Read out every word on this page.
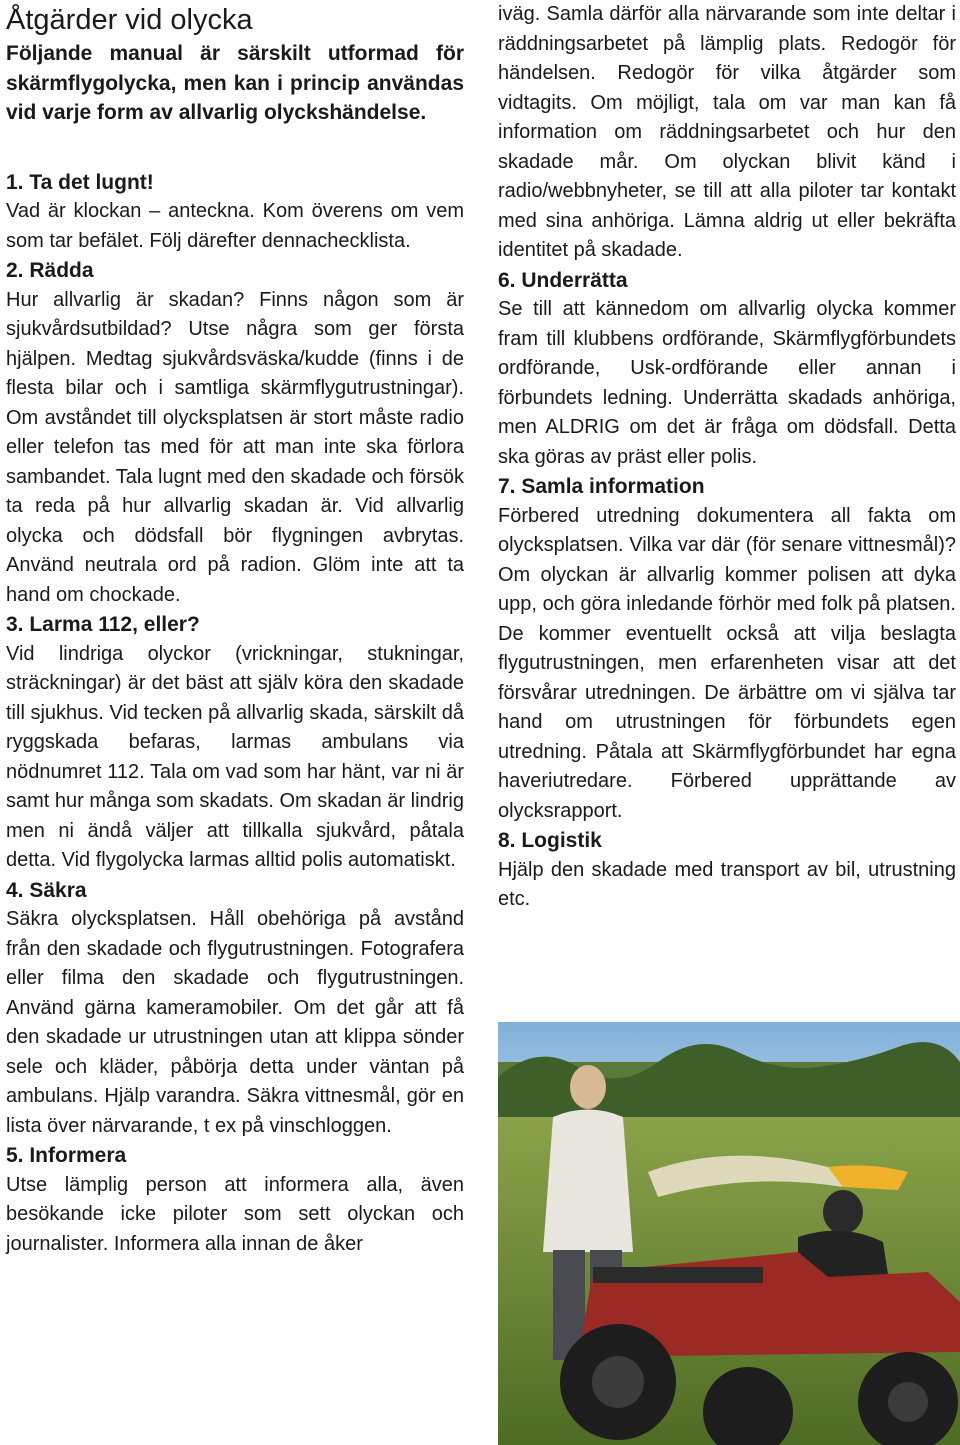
Åtgärder vid olycka

Följande manual är särskilt utformad för skärmflygolycka, men kan i princip användas vid varje form av allvarlig olyckshändelse.

1. Ta det lugnt!

Vad är klockan – anteckna. Kom överens om vem som tar befälet. Följ därefter dennachecklista.

2. Rädda

Hur allvarlig är skadan? Finns någon som är sjukvårdsutbildad? Utse några som ger första hjälpen. Medtag sjukvårdsväska/kudde (finns i de flesta bilar och i samtliga skärmflygutrustningar). Om avståndet till olycksplatsen är stort måste radio eller telefon tas med för att man inte ska förlora sambandet. Tala lugnt med den skadade och försök ta reda på hur allvarlig skadan är. Vid allvarlig olycka och dödsfall bör flygningen avbrytas. Använd neutrala ord på radion. Glöm inte att ta hand om chockade.

3. Larma 112, eller?

Vid lindriga olyckor (vrickningar, stukningar, sträckningar) är det bäst att själv köra den skadade till sjukhus. Vid tecken på allvarlig skada, särskilt då ryggskada befaras, larmas ambulans via nödnumret 112. Tala om vad som har hänt, var ni är samt hur många som skadats. Om skadan är lindrig men ni ändå väljer att tillkalla sjukvård, påtala detta. Vid flygolycka larmas alltid polis automatiskt.

4. Säkra

Säkra olycksplatsen. Håll obehöriga på avstånd från den skadade och flygutrustningen. Fotografera eller filma den skadade och flygutrustningen. Använd gärna kameramobiler. Om det går att få den skadade ur utrustningen utan att klippa sönder sele och kläder, påbörja detta under väntan på ambulans. Hjälp varandra. Säkra vittnesmål, gör en lista över närvarande, t ex på vinschloggen.

5. Informera

Utse lämplig person att informera alla, även besökande icke piloter som sett olyckan och journalister. Informera alla innan de åker

iväg. Samla därför alla närvarande som inte deltar i räddningsarbetet på lämplig plats. Redogör för händelsen. Redogör för vilka åtgärder som vidtagits. Om möjligt, tala om var man kan få information om räddningsarbetet och hur den skadade mår. Om olyckan blivit känd i radio/webbnyheter, se till att alla piloter tar kontakt med sina anhöriga. Lämna aldrig ut eller bekräfta identitet på skadade.

6. Underrätta

Se till att kännedom om allvarlig olycka kommer fram till klubbens ordförande, Skärmflygförbundets ordförande, Usk-ordförande eller annan i förbundets ledning. Underrätta skadads anhöriga, men ALDRIG om det är fråga om dödsfall. Detta ska göras av präst eller polis.

7. Samla information

Förbered utredning dokumentera all fakta om olycksplatsen. Vilka var där (för senare vittnesmål)? Om olyckan är allvarlig kommer polisen att dyka upp, och göra inledande förhör med folk på platsen. De kommer eventuellt också att vilja beslagta flygutrustningen, men erfarenheten visar att det försvårar utredningen. De ärbättre om vi själva tar hand om utrustningen för förbundets egen utredning. Påtala att Skärmflygförbundet har egna haveriutredare. Förbered upprättande av olycksrapport.

8. Logistik

Hjälp den skadade med transport av bil, utrustning etc.
